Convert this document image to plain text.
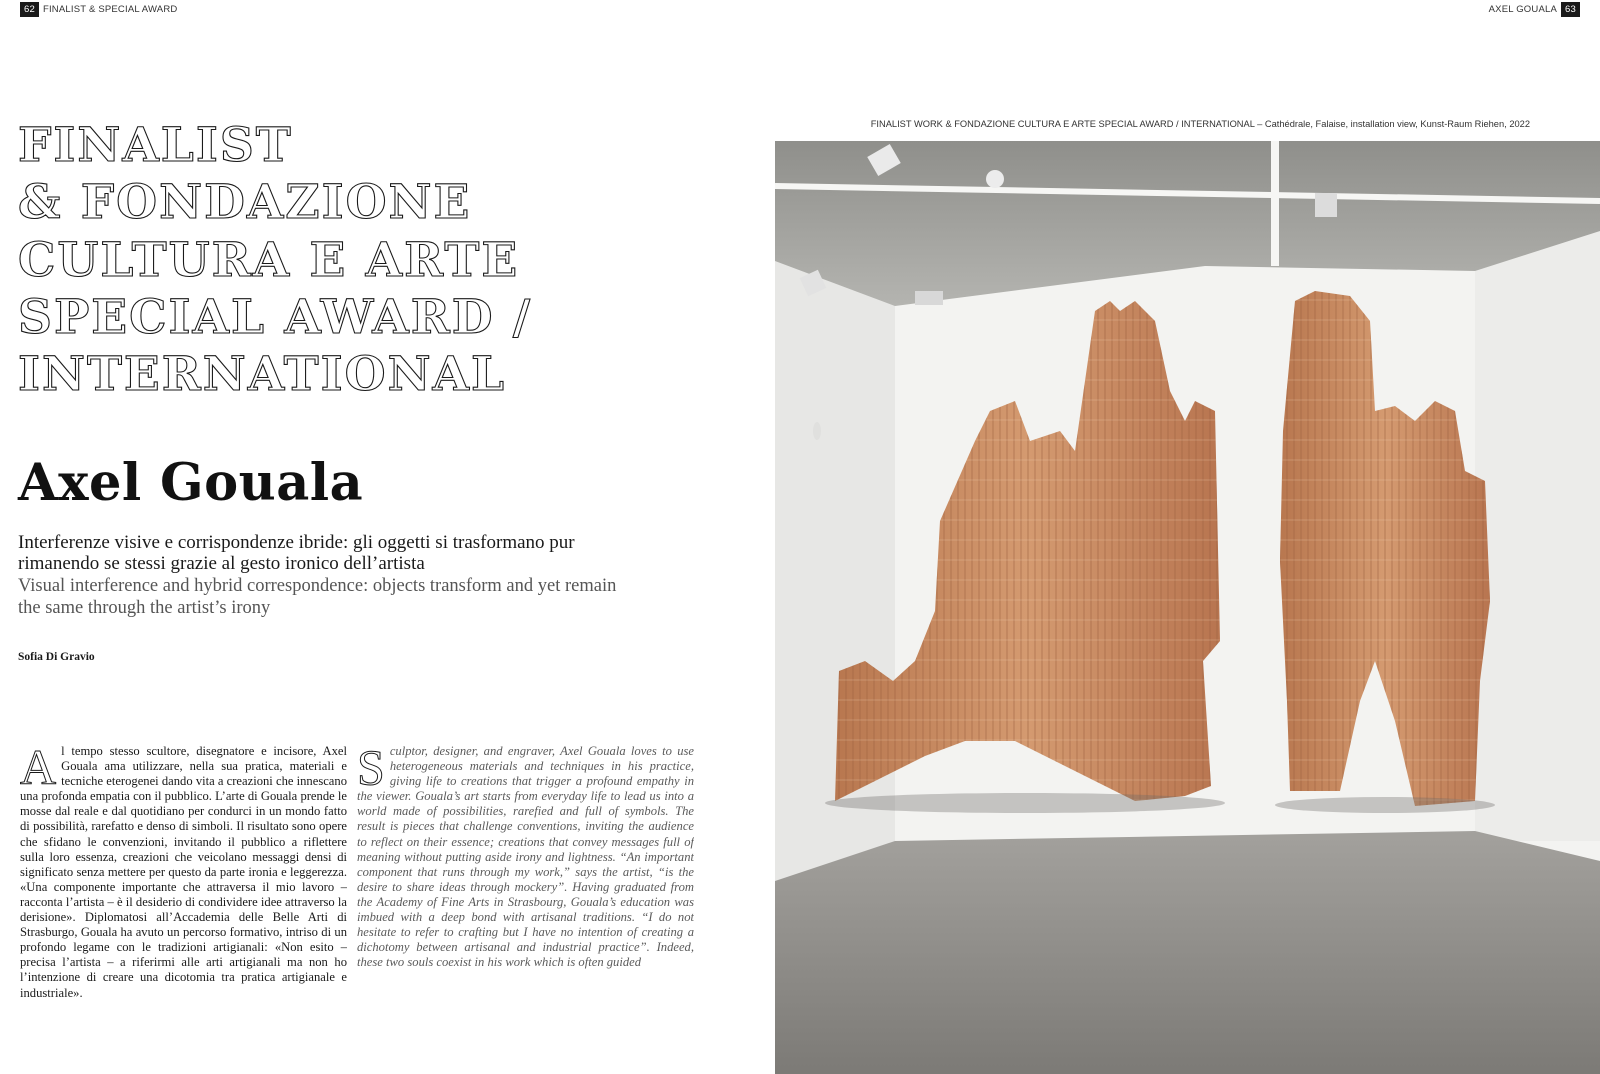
62 FINALIST & SPECIAL AWARD	AXEL GOUALA 63
FINALIST
& FONDAZIONE
CULTURA E ARTE
SPECIAL AWARD /
INTERNATIONAL
Axel Gouala

Interferenze visive e corrispondenze ibride: gli oggetti si trasformano pur rimanendo se stessi grazie al gesto ironico dell’artista

Visual interference and hybrid correspondence: objects transform and yet remain the same through the artist’s irony

Sofia Di Gravio

Al tempo stesso scultore, disegnatore e incisore, Axel Gouala ama utilizzare, nella sua pratica, materiali e tecniche eterogenei dando vita a creazioni che innescano una profonda empatia con il pubblico. L’arte di Gouala prende le mosse dal reale e dal quotidiano per condurci in un mondo fatto di possibilità, rarefatto e denso di simboli. Il risultato sono opere che sfidano le convenzioni, invitando il pubblico a riflettere sulla loro essenza, creazioni che veicolano messaggi densi di significato senza mettere per questo da parte ironia e leggerezza. «Una componente importante che attraversa il mio lavoro – racconta l’artista – è il desiderio di condividere idee attraverso la derisione». Diplomatosi all’Accademia delle Belle Arti di Strasburgo, Gouala ha avuto un percorso formativo, intriso di un profondo legame con le tradizioni artigianali: «Non esito – precisa l’artista – a riferirmi alle arti artigianali ma non ho l’intenzione di creare una dicotomia tra pratica artigianale e industriale».
Sculptor, designer, and engraver, Axel Gouala loves to use heterogeneous materials and techniques in his practice, giving life to creations that trigger a profound empathy in the viewer. Gouala’s art starts from everyday life to lead us into a world made of possibilities, rarefied and full of symbols. The result is pieces that challenge conventions, inviting the audience to reflect on their essence; creations that convey messages full of meaning without putting aside irony and lightness. “An important component that runs through my work,” says the artist, “is the desire to share ideas through mockery”. Having graduated from the Academy of Fine Arts in Strasbourg, Gouala’s education was imbued with a deep bond with artisanal traditions. “I do not hesitate to refer to crafting but I have no intention of creating a dichotomy between artisanal and industrial practice”. Indeed, these two souls coexist in his work which is often guided

FINALIST WORK & FONDAZIONE CULTURA E ARTE SPECIAL AWARD / INTERNATIONAL – Cathédrale, Falaise, installation view, Kunst-Raum Riehen, 2022
